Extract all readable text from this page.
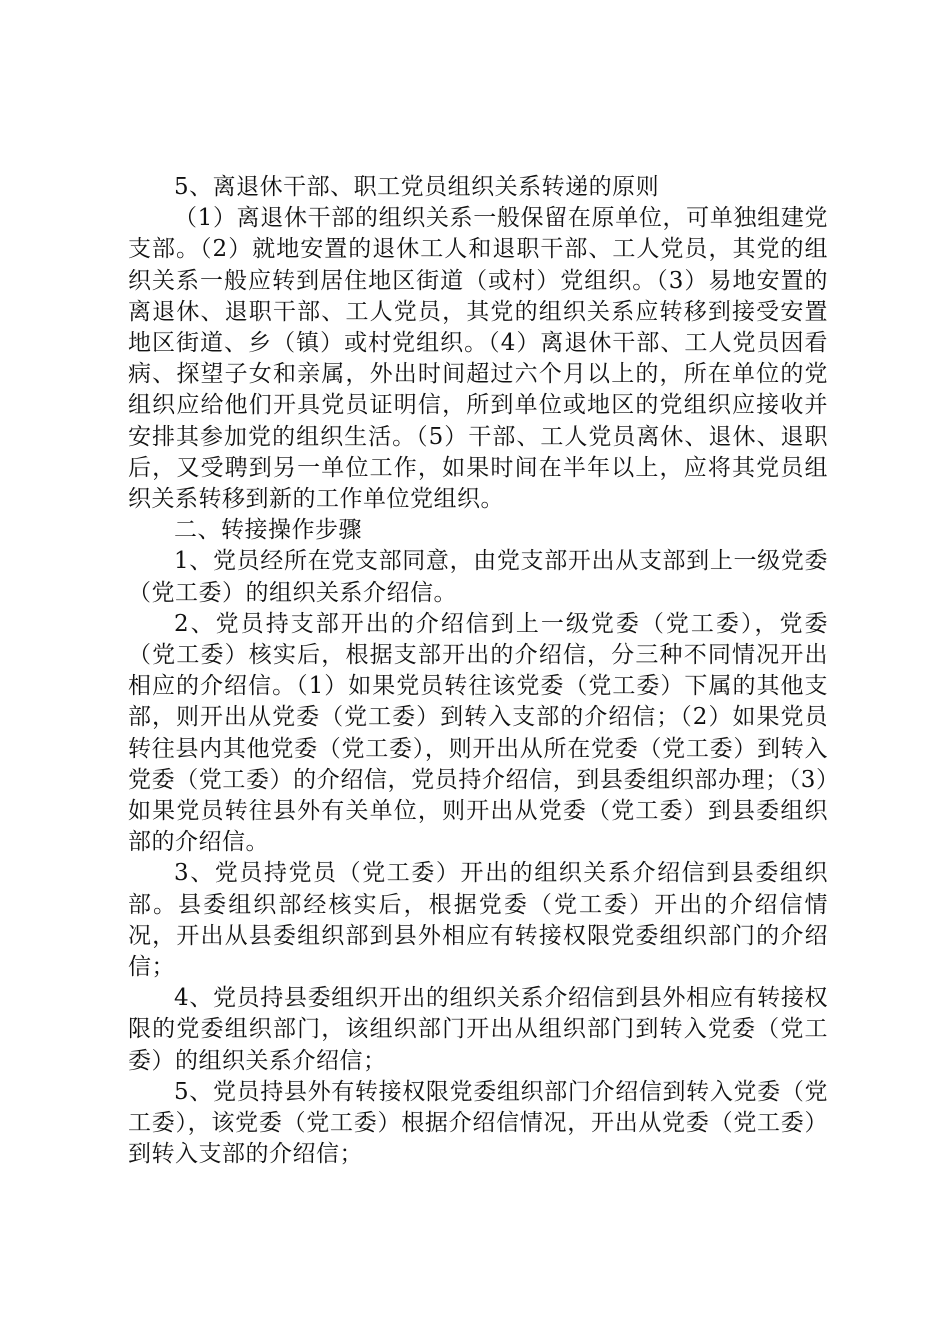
5、离退休干部、职工党员组织关系转递的原则

（1）离退休干部的组织关系一般保留在原单位，可单独组建党支部。（2）就地安置的退休工人和退职干部、工人党员，其党的组织关系一般应转到居住地区街道（或村）党组织。（3）易地安置的离退休、退职干部、工人党员，其党的组织关系应转移到接受安置地区街道、乡（镇）或村党组织。（4）离退休干部、工人党员因看病、探望子女和亲属，外出时间超过六个月以上的，所在单位的党组织应给他们开具党员证明信，所到单位或地区的党组织应接收并安排其参加党的组织生活。（5）干部、工人党员离休、退休、退职后，又受聘到另一单位工作，如果时间在半年以上，应将其党员组织关系转移到新的工作单位党组织。

二、转接操作步骤

1、党员经所在党支部同意，由党支部开出从支部到上一级党委（党工委）的组织关系介绍信。

2、党员持支部开出的介绍信到上一级党委（党工委），党委（党工委）核实后，根据支部开出的介绍信，分三种不同情况开出相应的介绍信。（1）如果党员转往该党委（党工委）下属的其他支部，则开出从党委（党工委）到转入支部的介绍信；（2）如果党员转往县内其他党委（党工委），则开出从所在党委（党工委）到转入党委（党工委）的介绍信，党员持介绍信，到县委组织部办理；（3）如果党员转往县外有关单位，则开出从党委（党工委）到县委组织部的介绍信。

3、党员持党员（党工委）开出的组织关系介绍信到县委组织部。县委组织部经核实后，根据党委（党工委）开出的介绍信情况，开出从县委组织部到县外相应有转接权限党委组织部门的介绍信；

4、党员持县委组织开出的组织关系介绍信到县外相应有转接权限的党委组织部门，该组织部门开出从组织部门到转入党委（党工委）的组织关系介绍信；

5、党员持县外有转接权限党委组织部门介绍信到转入党委（党工委），该党委（党工委）根据介绍信情况，开出从党委（党工委）到转入支部的介绍信；
